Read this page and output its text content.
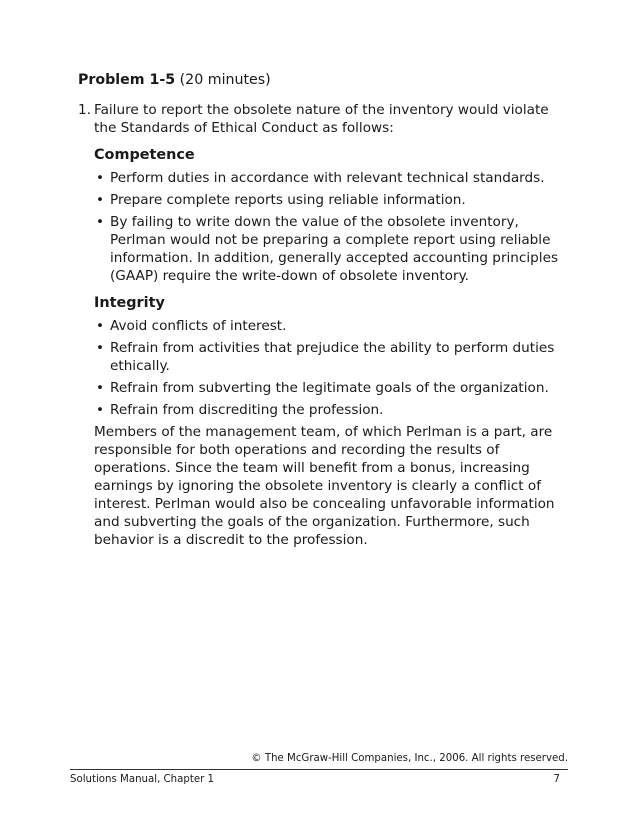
Problem 1-5 (20 minutes)
1. Failure to report the obsolete nature of the inventory would violate the Standards of Ethical Conduct as follows:
Competence
• Perform duties in accordance with relevant technical standards.
• Prepare complete reports using reliable information.
• By failing to write down the value of the obsolete inventory, Perlman would not be preparing a complete report using reliable information. In addition, generally accepted accounting principles (GAAP) require the write-down of obsolete inventory.
Integrity
• Avoid conflicts of interest.
• Refrain from activities that prejudice the ability to perform duties ethically.
• Refrain from subverting the legitimate goals of the organization.
• Refrain from discrediting the profession.
Members of the management team, of which Perlman is a part, are responsible for both operations and recording the results of operations. Since the team will benefit from a bonus, increasing earnings by ignoring the obsolete inventory is clearly a conflict of interest. Perlman would also be concealing unfavorable information and subverting the goals of the organization. Furthermore, such behavior is a discredit to the profession.
© The McGraw-Hill Companies, Inc., 2006. All rights reserved.
Solutions Manual, Chapter 1	7
